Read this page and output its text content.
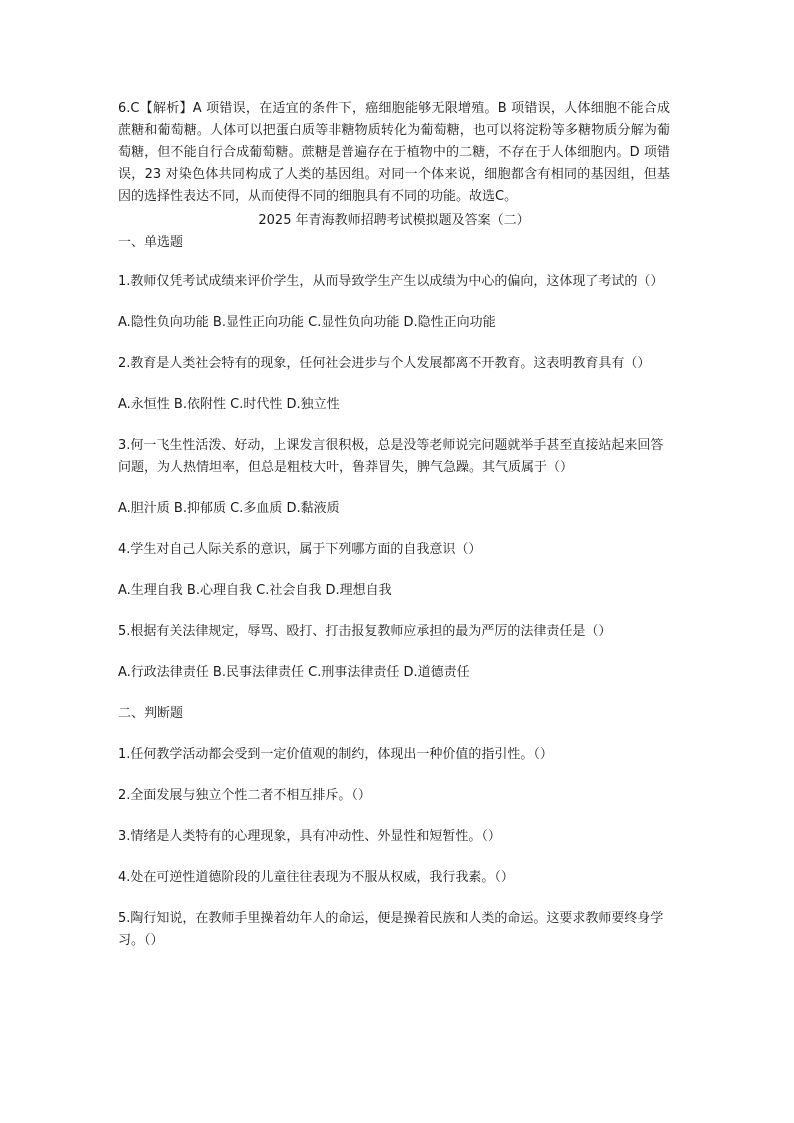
6.C【解析】A 项错误，在适宜的条件下，癌细胞能够无限增殖。B 项错误，人体细胞不能合成蔗糖和葡萄糖。人体可以把蛋白质等非糖物质转化为葡萄糖，也可以将淀粉等多糖物质分解为葡萄糖，但不能自行合成葡萄糖。蔗糖是普遍存在于植物中的二糖，不存在于人体细胞内。D 项错误，23 对染色体共同构成了人类的基因组。对同一个体来说，细胞都含有相同的基因组，但基因的选择性表达不同，从而使得不同的细胞具有不同的功能。故选C。

2025 年青海教师招聘考试模拟题及答案（二）

一、单选题

1.教师仅凭考试成绩来评价学生，从而导致学生产生以成绩为中心的偏向，这体现了考试的（）

A.隐性负向功能 B.显性正向功能 C.显性负向功能 D.隐性正向功能

2.教育是人类社会特有的现象，任何社会进步与个人发展都离不开教育。这表明教育具有（）

A.永恒性 B.依附性 C.时代性 D.独立性

3.何一飞生性活泼、好动，上课发言很积极，总是没等老师说完问题就举手甚至直接站起来回答问题，为人热情坦率，但总是粗枝大叶，鲁莽冒失，脾气急躁。其气质属于（）

A.胆汁质 B.抑郁质 C.多血质 D.黏液质

4.学生对自己人际关系的意识，属于下列哪方面的自我意识（）

A.生理自我 B.心理自我 C.社会自我 D.理想自我

5.根据有关法律规定，辱骂、殴打、打击报复教师应承担的最为严厉的法律责任是（）

A.行政法律责任 B.民事法律责任 C.刑事法律责任 D.道德责任

二、判断题

1.任何教学活动都会受到一定价值观的制约，体现出一种价值的指引性。（）

2.全面发展与独立个性二者不相互排斥。（）

3.情绪是人类特有的心理现象，具有冲动性、外显性和短暂性。（）

4.处在可逆性道德阶段的儿童往往表现为不服从权威，我行我素。（）

5.陶行知说，在教师手里操着幼年人的命运，便是操着民族和人类的命运。这要求教师要终身学习。（）
